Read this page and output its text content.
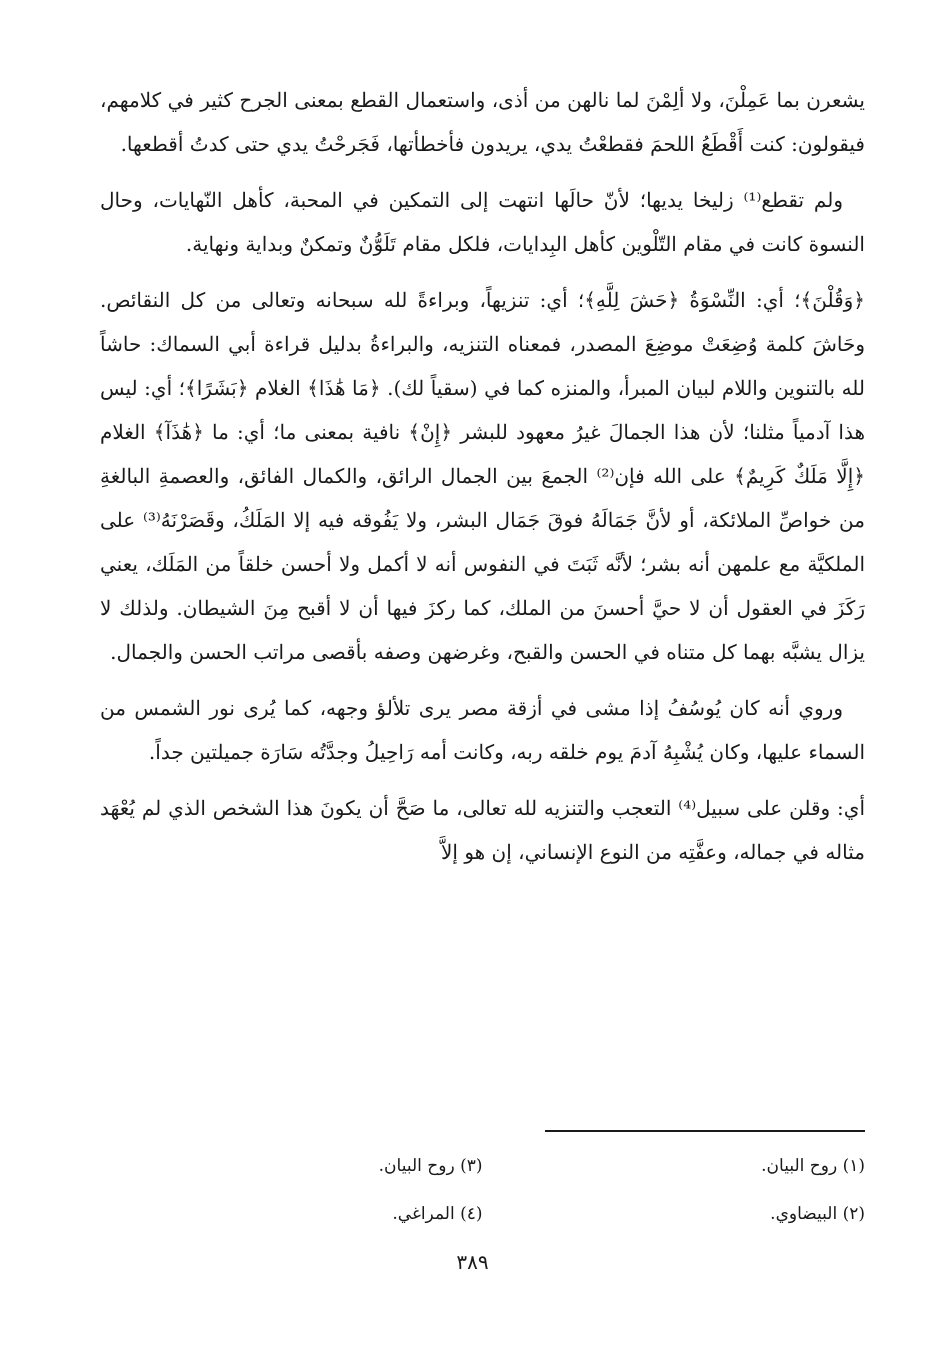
يشعرن بما عَمِلْنَ، ولا ألِمْنَ لما نالهن من أذى، واستعمال القطع بمعنى الجرح كثير في كلامهم، فيقولون: كنت أَقْطَعُ اللحمَ فقطعْتُ يدي، يريدون فأخطأتها، فَجَرحْتُ يدي حتى كدتُ أقطعها.

ولم تقطع⁽¹⁾ زليخا يديها؛ لأنّ حالَها انتهت إلى التمكين في المحبة، كأهل النّهايات، وحال النسوة كانت في مقام التّلْوين كأهل البِدايات، فلكل مقام تَلَوُّنٌ وتمكنٌ وبداية ونهاية.

﴿وَقُلْنَ﴾؛ أي: النِّسْوَةُ ﴿حَشَ لِلَّهِ﴾؛ أي: تنزيهاً، وبراءةً لله سبحانه وتعالى من كل النقائص. وحَاشَ كلمة وُضِعَتْ موضِعَ المصدر، فمعناه التنزيه، والبراءةُ بدليل قراءة أبي السماك: حاشاً لله بالتنوين واللام لبيان المبرأ، والمنزه كما في (سقياً لك). ﴿مَا هَٰذَا﴾ الغلام ﴿بَشَرًا﴾؛ أي: ليس هذا آدمياً مثلنا؛ لأن هذا الجمالَ غيرُ معهود للبشر ﴿إِنْ﴾ نافية بمعنى ما؛ أي: ما ﴿هَٰذَآ﴾ الغلام ﴿إِلَّا مَلَكٌ كَرِيمٌ﴾ على الله فإن⁽²⁾ الجمعَ بين الجمال الرائق، والكمال الفائق، والعصمةِ البالغةِ من خواصِّ الملائكة، أو لأنَّ جَمَالَهُ فوقَ جَمَال البشر، ولا يَفُوقه فيه إلا المَلَكُ، وقَصَرْنَهُ⁽³⁾ على الملكيَّة مع علمهن أنه بشر؛ لأنَّه ثَبَتَ في النفوس أنه لا أكمل ولا أحسن خلقاً من المَلَك، يعني رَكَزَ في العقول أن لا حيَّ أحسنَ من الملك، كما ركزَ فيها أن لا أقبح مِنَ الشيطان. ولذلك لا يزال يشبَّه بهما كل متناه في الحسن والقبح، وغرضهن وصفه بأقصى مراتب الحسن والجمال.

وروي أنه كان يُوسُفُ إذا مشى في أزقة مصر يرى تلألؤ وجهه، كما يُرى نور الشمس من السماء عليها، وكان يُشْبِهُ آدمَ يوم خلقه ربه، وكانت أمه رَاحِيلُ وجدَّتُه سَارَة جميلتين جداً.

أي: وقلن على سبيل⁽⁴⁾ التعجب والتنزيه لله تعالى، ما صَحَّ أن يكونَ هذا الشخص الذي لم يُعْهَد مثاله في جماله، وعفَّتِه من النوع الإنساني، إن هو إلاَّ

(١) روح البيان.
(٣) روح البيان.
(٢) البيضاوي.
(٤) المراغي.
٣٨٩
